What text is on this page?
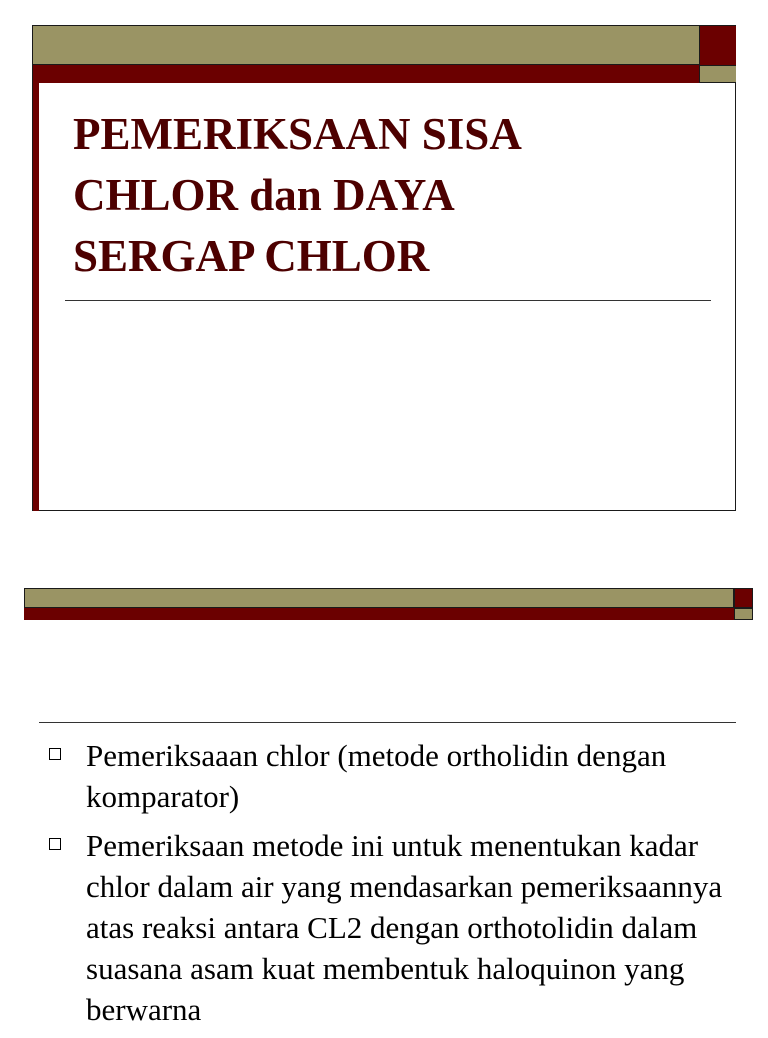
PEMERIKSAAN SISA
CHLOR dan DAYA
SERGAP CHLOR
Pemeriksaaan chlor (metode ortholidin dengan komparator)
Pemeriksaan metode ini untuk menentukan kadar chlor dalam air yang mendasarkan pemeriksaannya atas reaksi antara CL2 dengan orthotolidin dalam suasana asam kuat membentuk haloquinon yang berwarna
